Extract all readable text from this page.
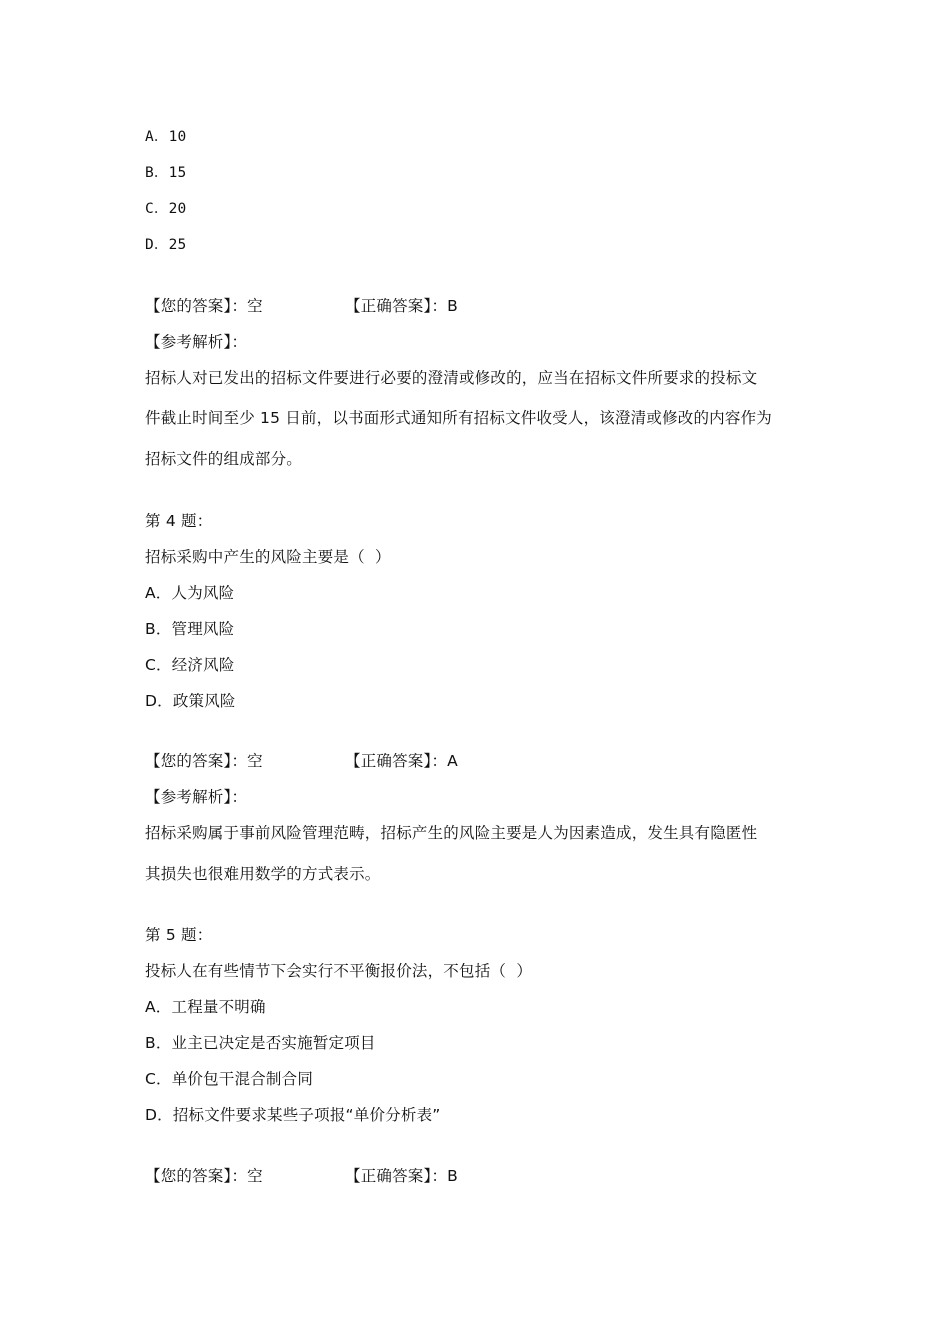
A．10
B．15
C．20
D．25
【您的答案】：空	【正确答案】：B
【参考解析】：
招标人对已发出的招标文件要进行必要的澄清或修改的，应当在招标文件所要求的投标文
件截止时间至少 15 日前，以书面形式通知所有招标文件收受人，该澄清或修改的内容作为
招标文件的组成部分。
第 4 题：
招标采购中产生的风险主要是（  ）
A．人为风险
B．管理风险
C．经济风险
D．政策风险
【您的答案】：空	【正确答案】：A
【参考解析】：
招标采购属于事前风险管理范畴，招标产生的风险主要是人为因素造成，发生具有隐匿性
其损失也很难用数学的方式表示。
第 5 题：
投标人在有些情节下会实行不平衡报价法，不包括（  ）
A．工程量不明确
B．业主已决定是否实施暂定项目
C．单价包干混合制合同
D．招标文件要求某些子项报“单价分析表”
【您的答案】：空	【正确答案】：B
